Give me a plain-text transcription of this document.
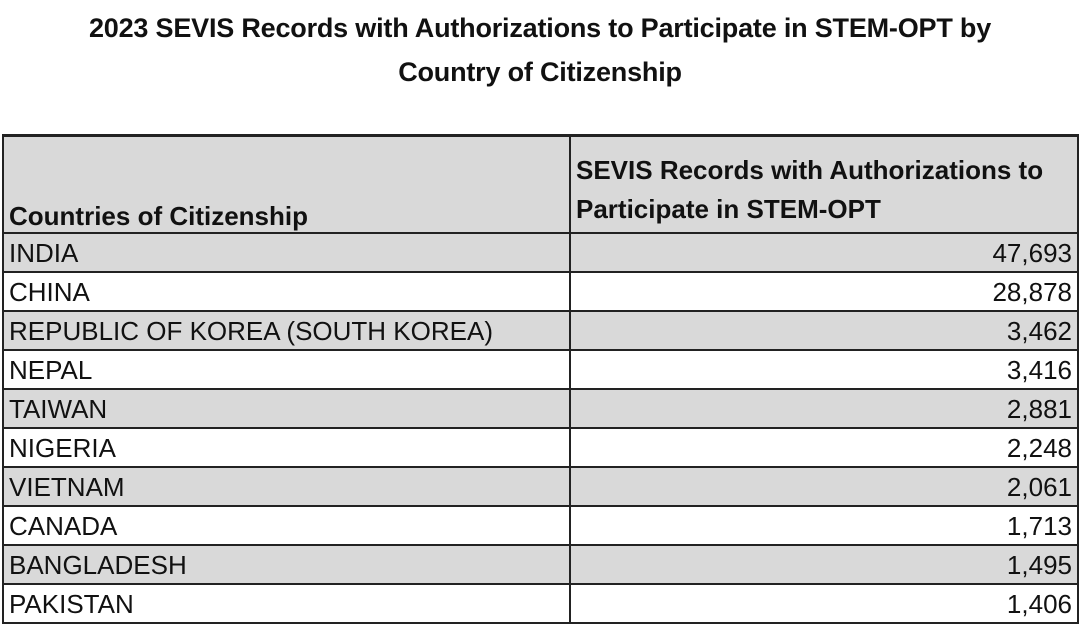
2023 SEVIS Records with Authorizations to Participate in STEM-OPT by
Country of Citizenship
Countries of Citizenship	SEVIS Records with Authorizations to Participate in STEM-OPT
INDIA	47,693
CHINA	28,878
REPUBLIC OF KOREA (SOUTH KOREA)	3,462
NEPAL	3,416
TAIWAN	2,881
NIGERIA	2,248
VIETNAM	2,061
CANADA	1,713
BANGLADESH	1,495
PAKISTAN	1,406
